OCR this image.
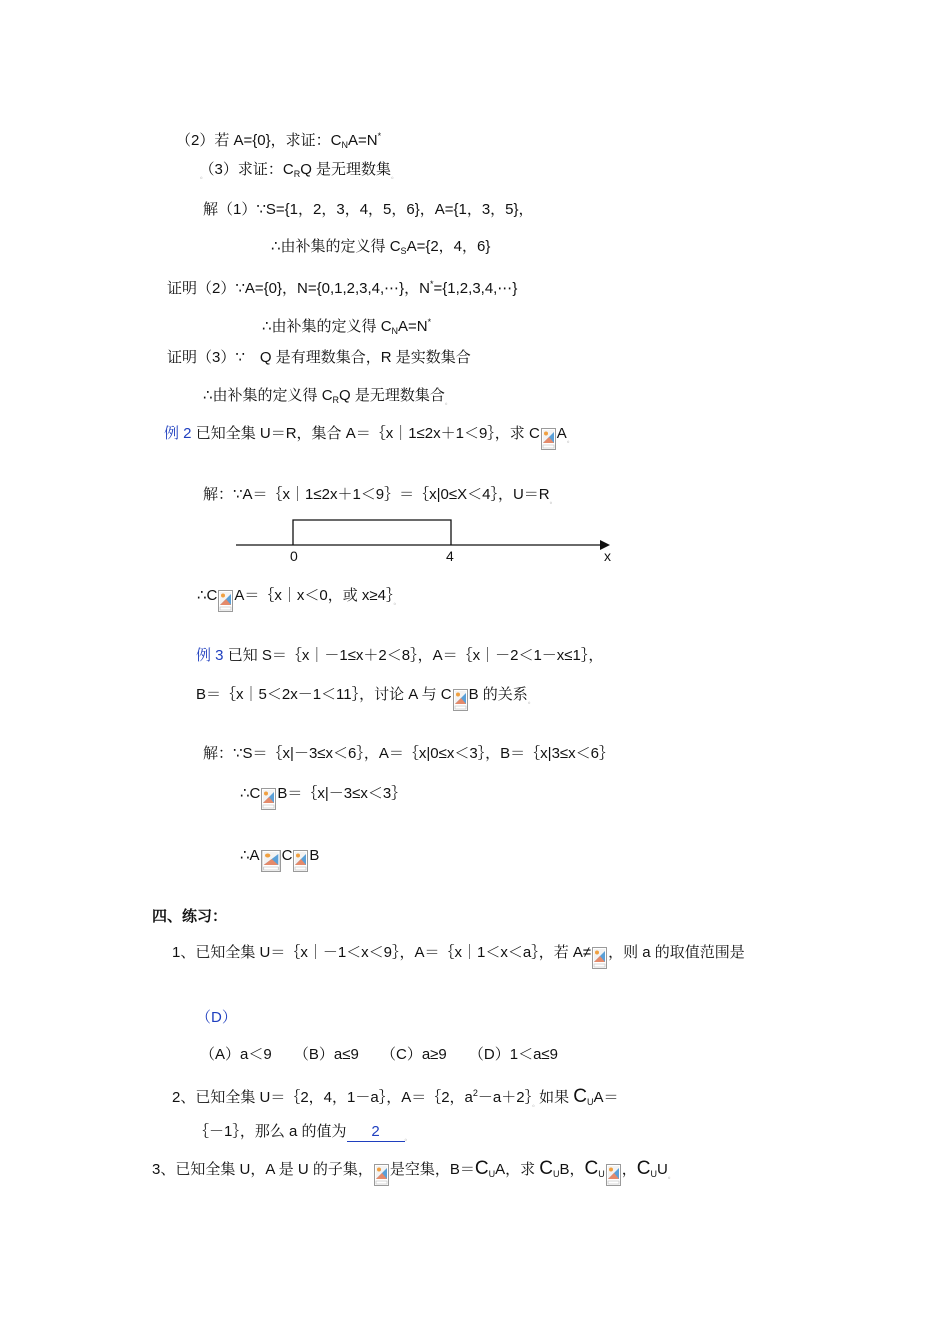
（2）若 A={0}，求证：$C_NA=N^*$
$_。$（3）求证：$C_RQ$ 是无理数集$_。$
解（1）∵S={1，2，3，4，5，6}，A={1，3，5}，
∴由补集的定义得 $C_SA=\{2$，4，6}
证明（2）∵A={0}，N={0,1,2,3,4,⋯}，N*={1,2,3,4,⋯}
∴由补集的定义得 $C_NA=N^*$
证明（3）∵　Q 是有理数集合，R 是实数集合
∴由补集的定义得 $C_RQ$ 是无理数集合$_。$
例 2 已知全集 U＝R，集合 A＝｛x｜1≤2x＋1＜9｝，求 C $A_。$
解：∵A＝｛x｜1≤2x＋1＜9｝＝｛x|0≤X＜4｝，$U=R_。$
0	4	x
∴C A＝｛x｜x＜0，或 $x\ge 4\}_。$
例 3 已知 S＝｛x｜－1≤x＋2＜8｝，A＝｛x｜－2＜1－x≤1｝，
B＝｛x｜5＜2x－1＜11｝，讨论 A 与 C B 的关系$_。$
解：∵S＝｛x|－3≤x＜6｝，A＝｛x|0≤x＜3｝，B＝｛x|3≤x＜6｝
∴C B＝｛x|－3≤x＜3｝
∴A C B
四、练习：
1、已知全集 U＝｛x｜－1＜x＜9｝，A＝｛x｜1＜x＜a｝，若 A≠ ，则 a 的取值范围是
（D）
（A）a＜9 （B）a≤9 （C）a≥9 （D）1＜a≤9
2、已知全集 U＝｛2，4，1－a｝，A＝｛2，$a^2-a+2\}_。$如果 $C_UA=$
｛－1｝，那么 a 的值为 2	$_。$
3、已知全集 U，A 是 U 的子集， 是空集，$B=C_UA$，求 $C_UB$，$C_U$ ，$C_UU_。$
